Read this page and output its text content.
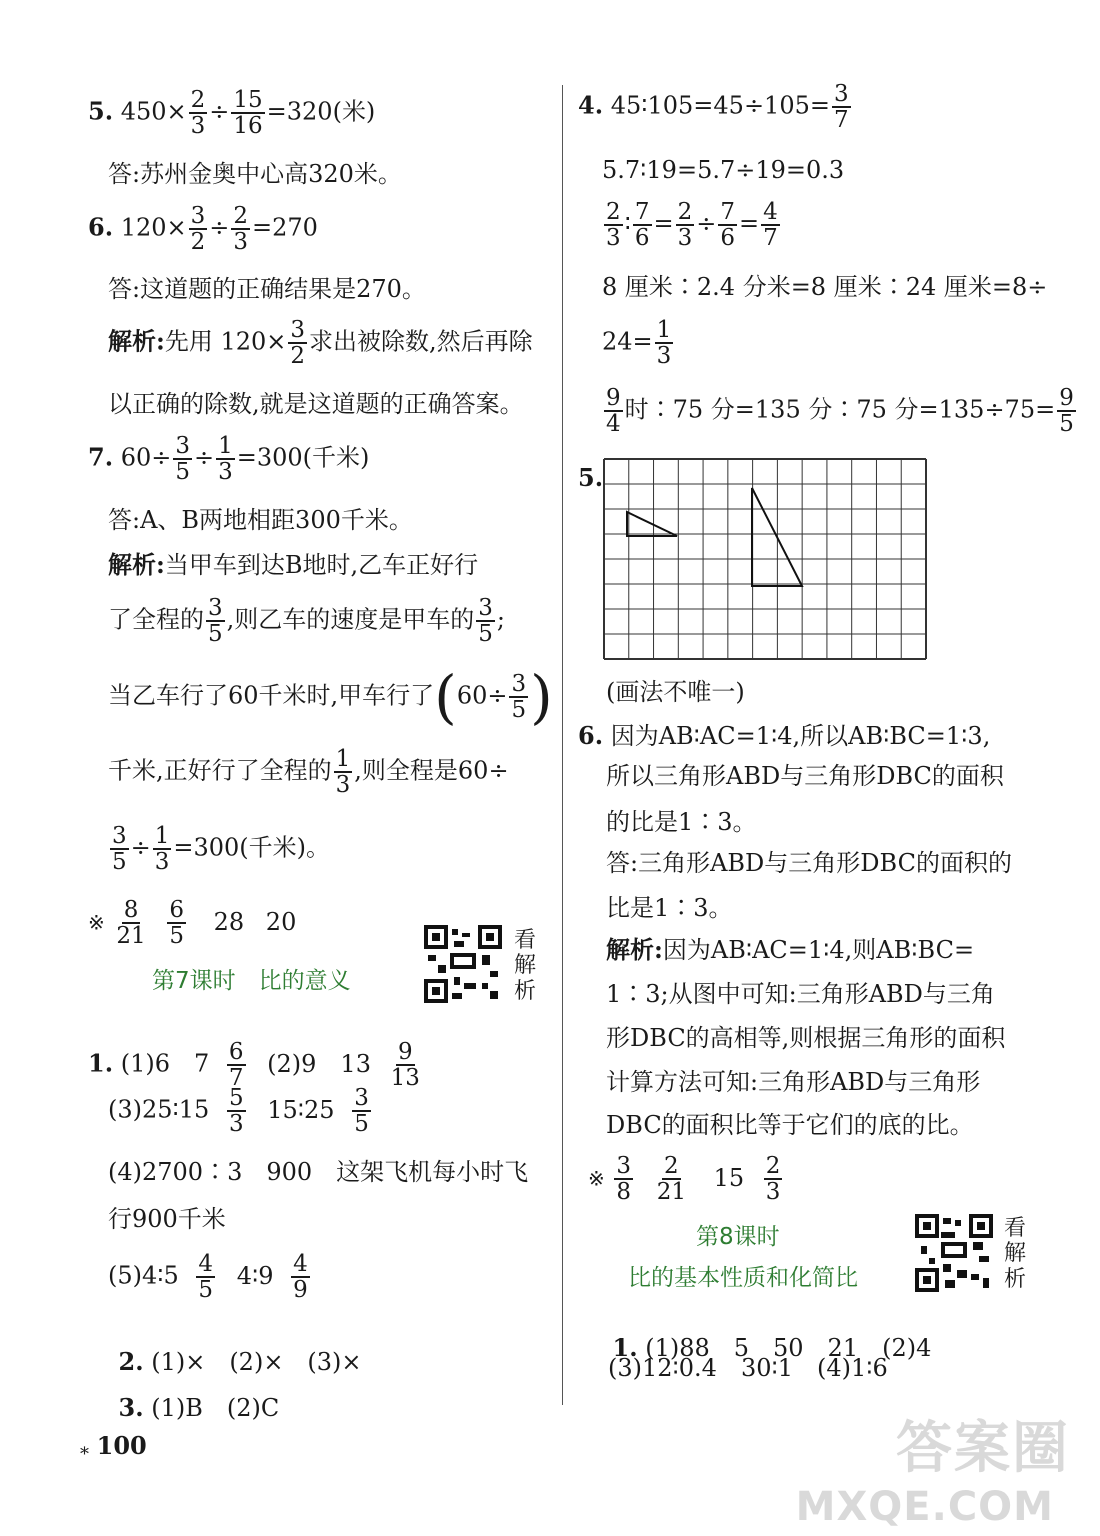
5. $450\times \frac{2}{3} \div \frac{15}{16} =320$(米)
答:苏州金奥中心高320米。
6. $120\times \frac{3}{2} \div \frac{2}{3} =270$
答:这道题的正确结果是270。
解析:先用 $120\times \frac{3}{2}$ 求出被除数,然后再除
以正确的除数,就是这道题的正确答案。
7. $60\div \frac{3}{5} \div \frac{1}{3} =300$(千米)
答:A、B两地相距300千米。
解析:当甲车到达B地时,乙车正好行
了全程的 $\frac{3}{5}$ ,则乙车的速度是甲车的 $\frac{3}{5}$ ;
当乙车行了60千米时,甲车行了($60\div \frac{3}{5}$ )
千米,正好行了全程的 $\frac{1}{3}$ ,则全程是60÷
$\frac{3}{5} \div \frac{1}{3} =300$(千米)。
※ $\frac{8}{21}$
$\frac{6}{5} 28$ 20
第7课时　比的意义
看解析
1. (1)6　$7 \frac{6}{7} (2)9$　$13 \frac{9}{13}$
(3)25∶15 $\frac{5}{3}$ 15∶25 $\frac{3}{5}$
(4)2700∶3　900　这架飞机每小时飞
行900千米
(5)4∶5 $\frac{4}{5}$ 4∶9 $\frac{4}{9}$

2. (1)×　(2)×　(3)×

3. (1)B　(2)C

⁎ 100
4. 45∶105=45÷105= $\frac{3}{7}$
5.7∶19=5.7÷19=0.3
$\frac{2}{3}$ ∶ $\frac{7}{6} = \frac{2}{3} \div \frac{7}{6} = \frac{4}{7}$
8 厘米∶2.4 分米=8 厘米∶24 厘米=8÷
$24= \frac{1}{3}$
$\frac{9}{4}$ 时∶75 分=135 分∶75 分$=135\div 75= \frac{9}{5}$
5.
(画法不唯一)
6. 因为AB∶AC=1∶4,所以AB∶BC=1∶3,
所以三角形ABD与三角形DBC的面积
的比是1∶3。
答:三角形ABD与三角形DBC的面积的
比是1∶3。
解析:因为AB∶AC=1∶4,则AB∶BC=
1∶3;从图中可知:三角形ABD与三角
形DBC的高相等,则根据三角形的面积
计算方法可知:三角形ABD与三角形
DBC的面积比等于它们的底的比。
※ $\frac{3}{8}$
$\frac{2}{21} 15 \frac{2}{3}$
第8课时
比的基本性质和化简比
看解析

1. (1)88　5　50　21　(2)4

(3)12∶0.4　30∶1　(4)1∶6
答案圈
MXQE.COM
